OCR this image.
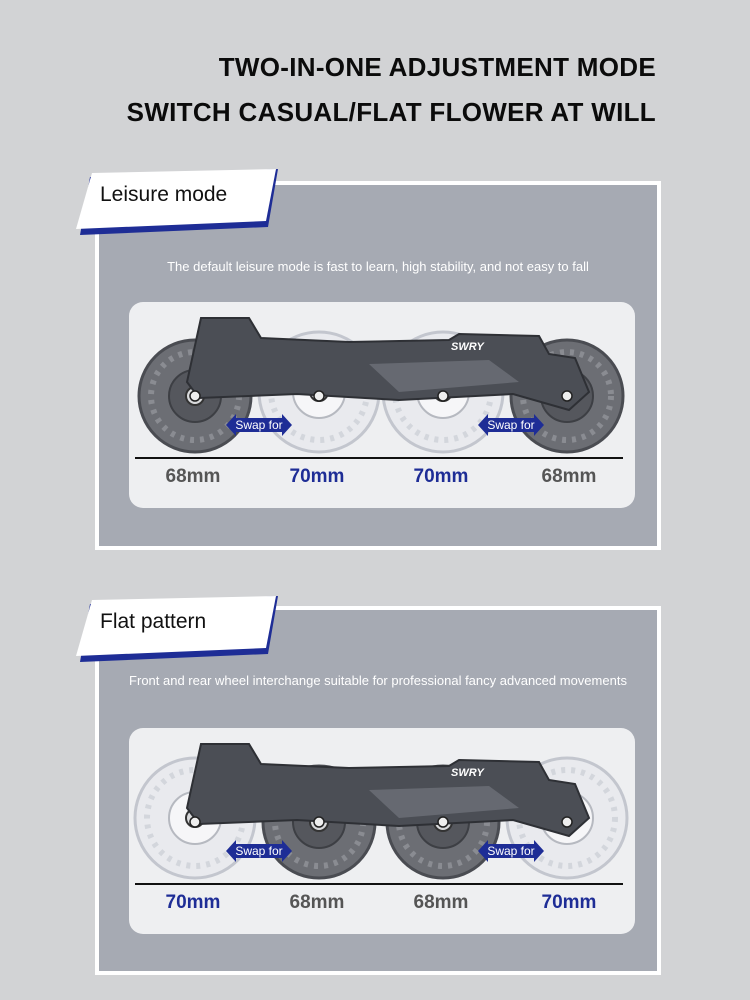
TWO-IN-ONE ADJUSTMENT MODE
SWITCH CASUAL/FLAT FLOWER AT WILL
Leisure mode
The default leisure mode is fast to learn, high stability, and not easy to fall
SWRY
Swap for	Swap for
68mm	70mm	70mm	68mm
Flat pattern
Front and rear wheel interchange suitable for professional fancy advanced movements
SWRY
Swap for	Swap for
70mm	68mm	68mm	70mm
